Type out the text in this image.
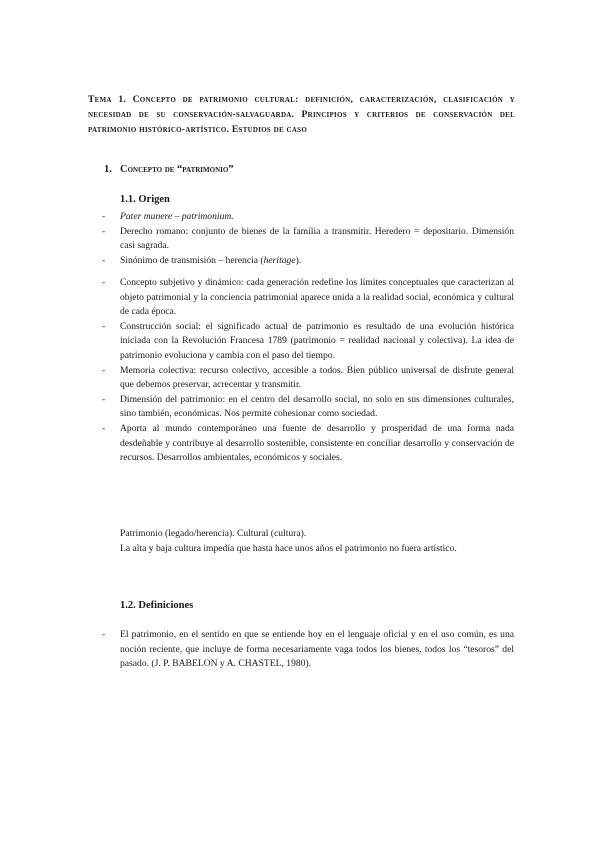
Tema 1. Concepto de patrimonio cultural: definición, caracterización, clasificación y necesidad de su conservación-salvaguarda. Principios y criterios de conservación del patrimonio histórico-artístico. Estudios de caso

1. Concepto de “patrimonio”

1.1. Origen

- Pater munere – patrimonium.
- Derecho romano: conjunto de bienes de la familia a transmitir. Heredero = depositario. Dimensión casi sagrada.
- Sinónimo de transmisión – herencia (heritage).
- Concepto subjetivo y dinámico: cada generación redefine los límites conceptuales que caracterizan al objeto patrimonial y la conciencia patrimonial aparece unida a la realidad social, económica y cultural de cada época.
- Construcción social: el significado actual de patrimonio es resultado de una evolución histórica iniciada con la Revolución Francesa 1789 (patrimonio = realidad nacional y colectiva). La idea de patrimonio evoluciona y cambia con el paso del tiempo.
- Memoria colectiva: recurso colectivo, accesible a todos. Bien público universal de disfrute general que debemos preservar, acrecentar y transmitir.
- Dimensión del patrimonio: en el centro del desarrollo social, no solo en sus dimensiones culturales, sino también, económicas. Nos permite cohesionar como sociedad.
- Aporta al mundo contemporáneo una fuente de desarrollo y prosperidad de una forma nada desdeñable y contribuye al desarrollo sostenible, consistente en conciliar desarrollo y conservación de recursos. Desarrollos ambientales, económicos y sociales.

Patrimonio (legado/herencia). Cultural (cultura).

La alta y baja cultura impedía que hasta hace unos años el patrimonio no fuera artístico.

1.2. Definiciones

- El patrimonio, en el sentido en que se entiende hoy en el lenguaje oficial y en el uso común, es una noción reciente, que incluye de forma necesariamente vaga todos los bienes, todos los “tesoros” del pasado. (J. P. BABELON y A. CHASTEL, 1980).
